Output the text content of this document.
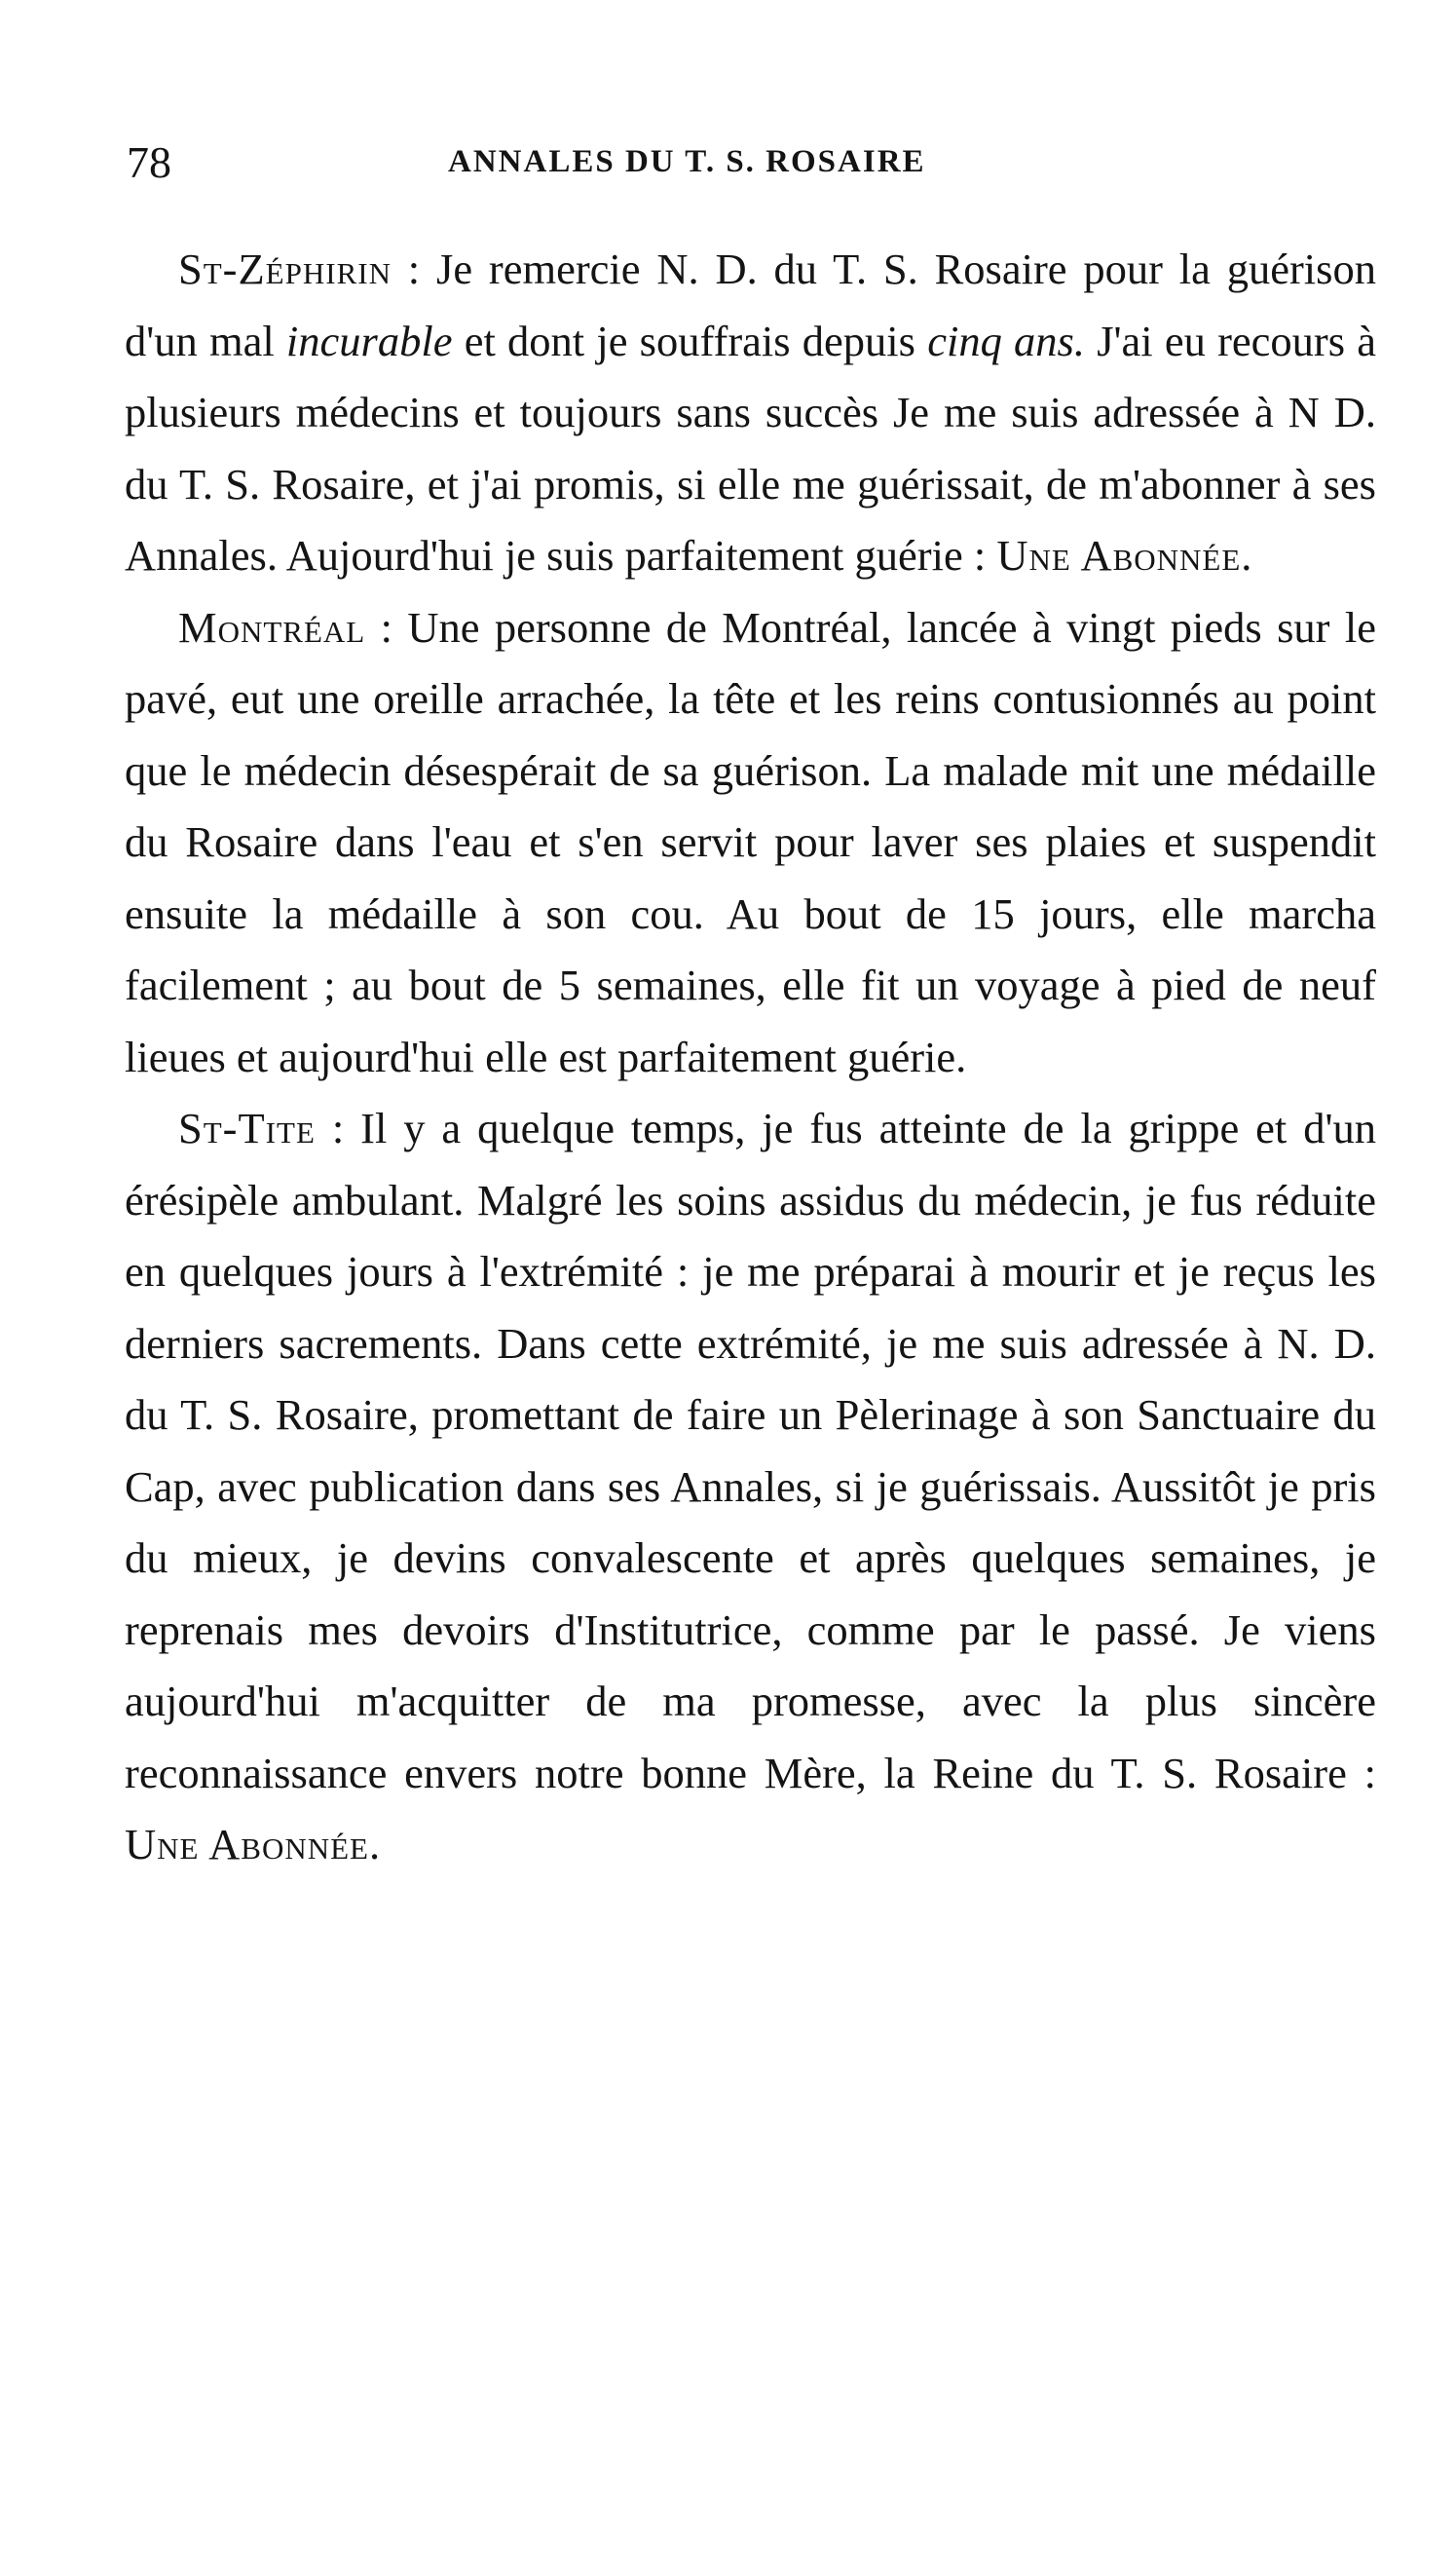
78	ANNALES DU T. S. ROSAIRE

St-Zéphirin : Je remercie N. D. du T. S. Rosaire pour la guérison d'un mal incurable et dont je souffrais depuis cinq ans. J'ai eu recours à plusieurs médecins et toujours sans succès Je me suis adressée à N D. du T. S. Rosaire, et j'ai promis, si elle me guérissait, de m'abonner à ses Annales. Aujourd'hui je suis parfaitement guérie : Une Abonnée.

Montréal : Une personne de Montréal, lancée à vingt pieds sur le pavé, eut une oreille arrachée, la tête et les reins contusionnés au point que le médecin désespérait de sa guérison. La malade mit une médaille du Rosaire dans l'eau et s'en servit pour laver ses plaies et suspendit ensuite la médaille à son cou. Au bout de 15 jours, elle marcha facilement ; au bout de 5 semaines, elle fit un voyage à pied de neuf lieues et aujourd'hui elle est parfaitement guérie.

St-Tite : Il y a quelque temps, je fus atteinte de la grippe et d'un érésipèle ambulant. Malgré les soins assidus du médecin, je fus réduite en quelques jours à l'extrémité : je me préparai à mourir et je reçus les derniers sacrements. Dans cette extrémité, je me suis adressée à N. D. du T. S. Rosaire, promettant de faire un Pèlerinage à son Sanctuaire du Cap, avec publication dans ses Annales, si je guérissais. Aussitôt je pris du mieux, je devins convalescente et après quelques semaines, je reprenais mes devoirs d'Institutrice, comme par le passé. Je viens aujourd'hui m'acquitter de ma promesse, avec la plus sincère reconnaissance envers notre bonne Mère, la Reine du T. S. Rosaire : Une Abonnée.
